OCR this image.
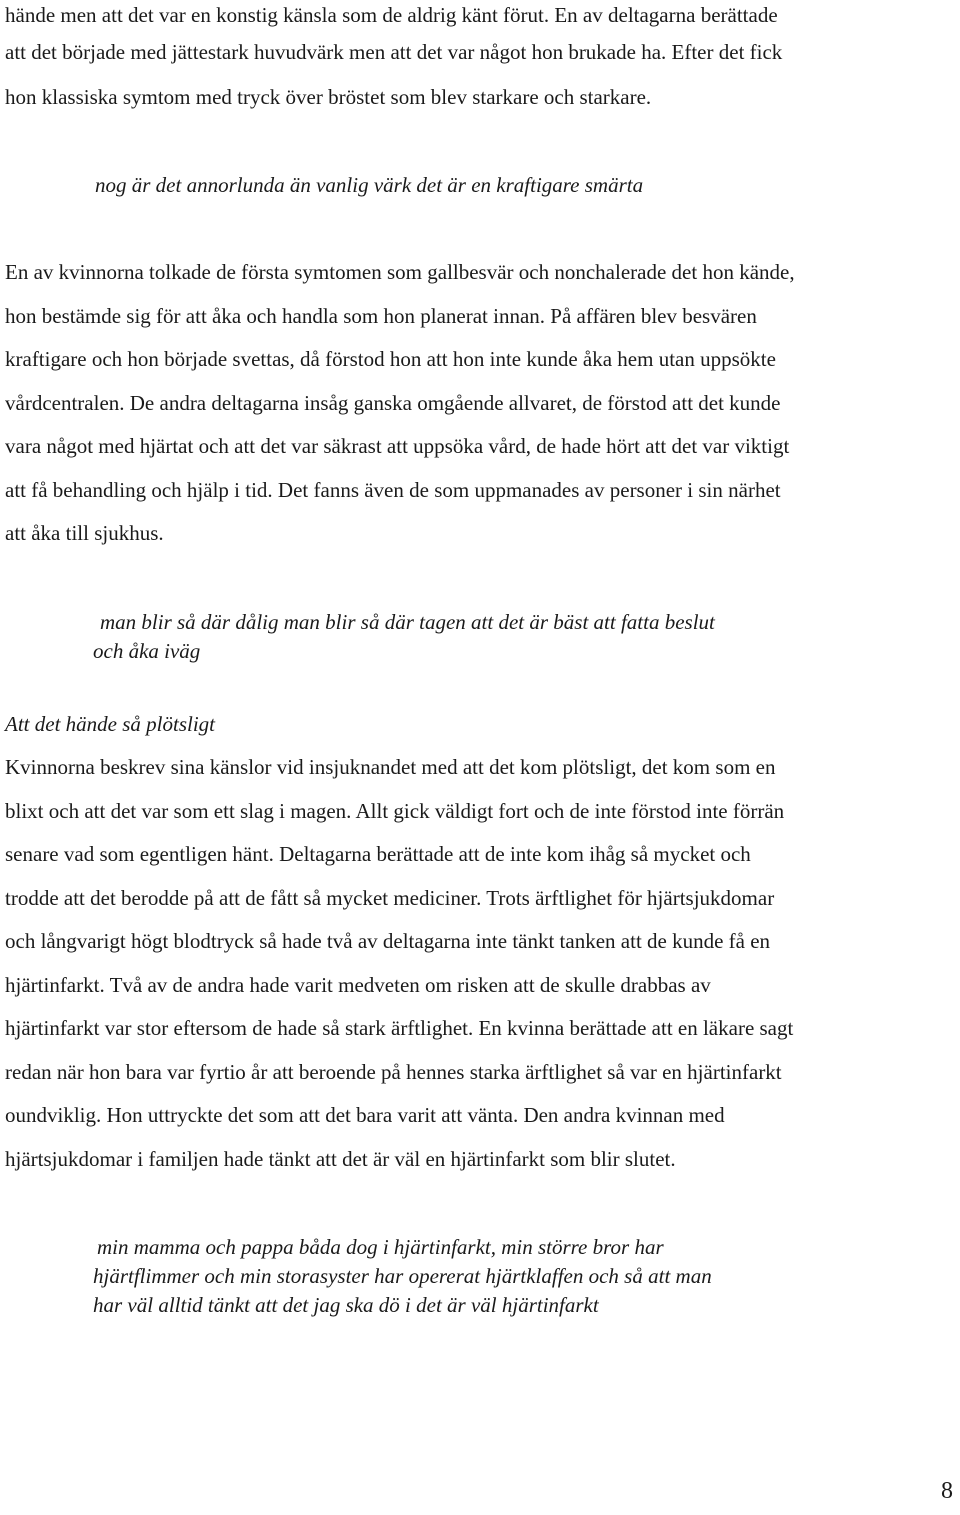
hände men att det var en konstig känsla som de aldrig känt förut. En av deltagarna berättade
att det började med jättestark huvudvärk men att det var något hon brukade ha. Efter det fick
hon klassiska symtom med tryck över bröstet som blev starkare och starkare.
nog är det annorlunda än vanlig värk det är en kraftigare smärta
En av kvinnorna tolkade de första symtomen som gallbesvär och nonchalerade det hon kände,
hon bestämde sig för att åka och handla som hon planerat innan. På affären blev besvären
kraftigare och hon började svettas, då förstod hon att hon inte kunde åka hem utan uppsökte
vårdcentralen. De andra deltagarna insåg ganska omgående allvaret, de förstod att det kunde
vara något med hjärtat och att det var säkrast att uppsöka vård, de hade hört att det var viktigt
att få behandling och hjälp i tid. Det fanns även de som uppmanades av personer i sin närhet
att åka till sjukhus.
man blir så där dålig man blir så där tagen att det är bäst att fatta beslut
och åka iväg
Att det hände så plötsligt
Kvinnorna beskrev sina känslor vid insjuknandet med att det kom plötsligt, det kom som en
blixt och att det var som ett slag i magen. Allt gick väldigt fort och de inte förstod inte förrän
senare vad som egentligen hänt. Deltagarna berättade att de inte kom ihåg så mycket och
trodde att det berodde på att de fått så mycket mediciner. Trots ärftlighet för hjärtsjukdomar
och långvarigt högt blodtryck så hade två av deltagarna inte tänkt tanken att de kunde få en
hjärtinfarkt. Två av de andra hade varit medveten om risken att de skulle drabbas av
hjärtinfarkt var stor eftersom de hade så stark ärftlighet. En kvinna berättade att en läkare sagt
redan när hon bara var fyrtio år att beroende på hennes starka ärftlighet så var en hjärtinfarkt
oundviklig. Hon uttryckte det som att det bara varit att vänta. Den andra kvinnan med
hjärtsjukdomar i familjen hade tänkt att det är väl en hjärtinfarkt som blir slutet.
min mamma och pappa båda dog i hjärtinfarkt, min större bror har
hjärtflimmer och min storasyster har opererat hjärtklaffen och så att man
har väl alltid tänkt att det jag ska dö i det är väl hjärtinfarkt
8
